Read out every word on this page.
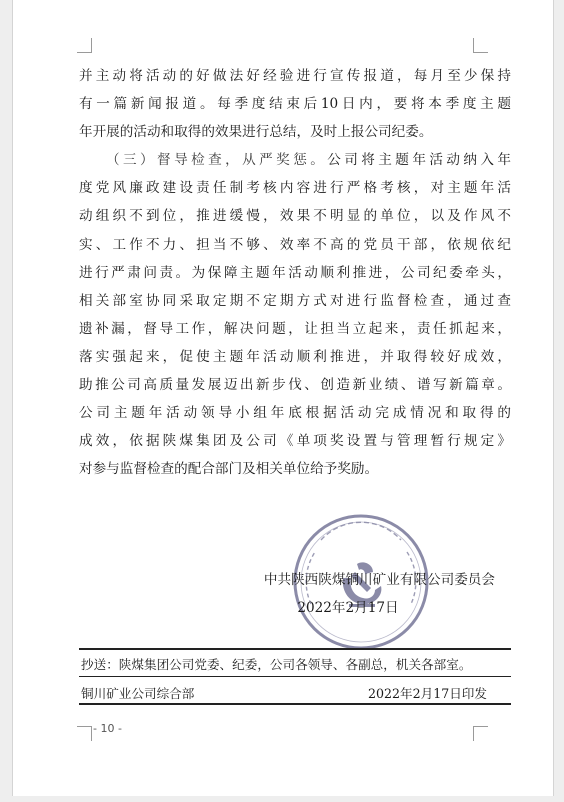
并主动将活动的好做法好经验进行宣传报道，每月至少保持

有一篇新闻报道。每季度结束后10日内，要将本季度主题

年开展的活动和取得的效果进行总结，及时上报公司纪委。

（三）督导检查，从严奖惩。公司将主题年活动纳入年

度党风廉政建设责任制考核内容进行严格考核，对主题年活

动组织不到位，推进缓慢，效果不明显的单位，以及作风不

实、工作不力、担当不够、效率不高的党员干部，依规依纪

进行严肃问责。为保障主题年活动顺利推进，公司纪委牵头，

相关部室协同采取定期不定期方式对进行监督检查，通过查

遗补漏，督导工作，解决问题，让担当立起来，责任抓起来，

落实强起来，促使主题年活动顺利推进，并取得较好成效，

助推公司高质量发展迈出新步伐、创造新业绩、谱写新篇章。

公司主题年活动领导小组年底根据活动完成情况和取得的

成效，依据陕煤集团及公司《单项奖设置与管理暂行规定》

对参与监督检查的配合部门及相关单位给予奖励。

中共陕西陕煤铜川矿业有限公司委员会
2022年2月17日
抄送：陕煤集团公司党委、纪委，公司各领导、各副总，机关各部室。
铜川矿业公司综合部	2022年2月17日印发
- 10 -
